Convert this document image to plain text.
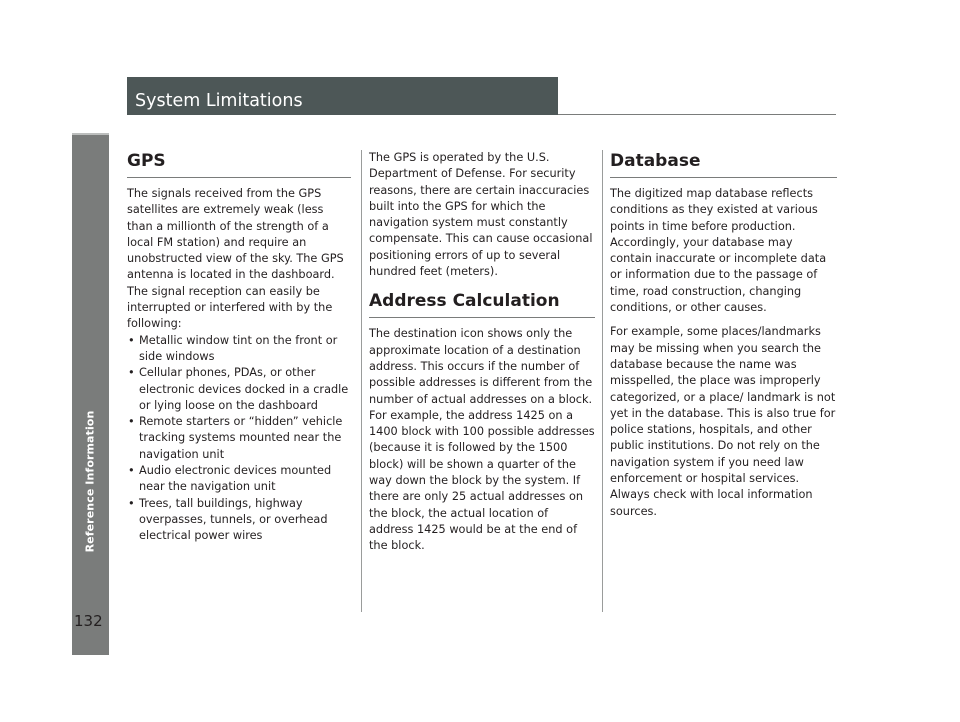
Reference Information
System Limitations
GPS

The signals received from the GPS satellites are extremely weak (less than a millionth of the strength of a local FM station) and require an unobstructed view of the sky. The GPS antenna is located in the dashboard. The signal reception can easily be interrupted or interfered with by the following:

• Metallic window tint on the front or side windows
• Cellular phones, PDAs, or other electronic devices docked in a cradle or lying loose on the dashboard
• Remote starters or “hidden” vehicle tracking systems mounted near the navigation unit
• Audio electronic devices mounted near the navigation unit
• Trees, tall buildings, highway overpasses, tunnels, or overhead electrical power wires

The GPS is operated by the U.S. Department of Defense. For security reasons, there are certain inaccuracies built into the GPS for which the navigation system must constantly compensate. This can cause occasional positioning errors of up to several hundred feet (meters).

Address Calculation

The destination icon shows only the approximate location of a destination address. This occurs if the number of possible addresses is different from the number of actual addresses on a block. For example, the address 1425 on a 1400 block with 100 possible addresses (because it is followed by the 1500 block) will be shown a quarter of the way down the block by the system. If there are only 25 actual addresses on the block, the actual location of address 1425 would be at the end of the block.

Database

The digitized map database reflects conditions as they existed at various points in time before production. Accordingly, your database may contain inaccurate or incomplete data or information due to the passage of time, road construction, changing conditions, or other causes.

For example, some places/landmarks may be missing when you search the database because the name was misspelled, the place was improperly categorized, or a place/ landmark is not yet in the database. This is also true for police stations, hospitals, and other public institutions. Do not rely on the navigation system if you need law enforcement or hospital services. Always check with local information sources.

132
